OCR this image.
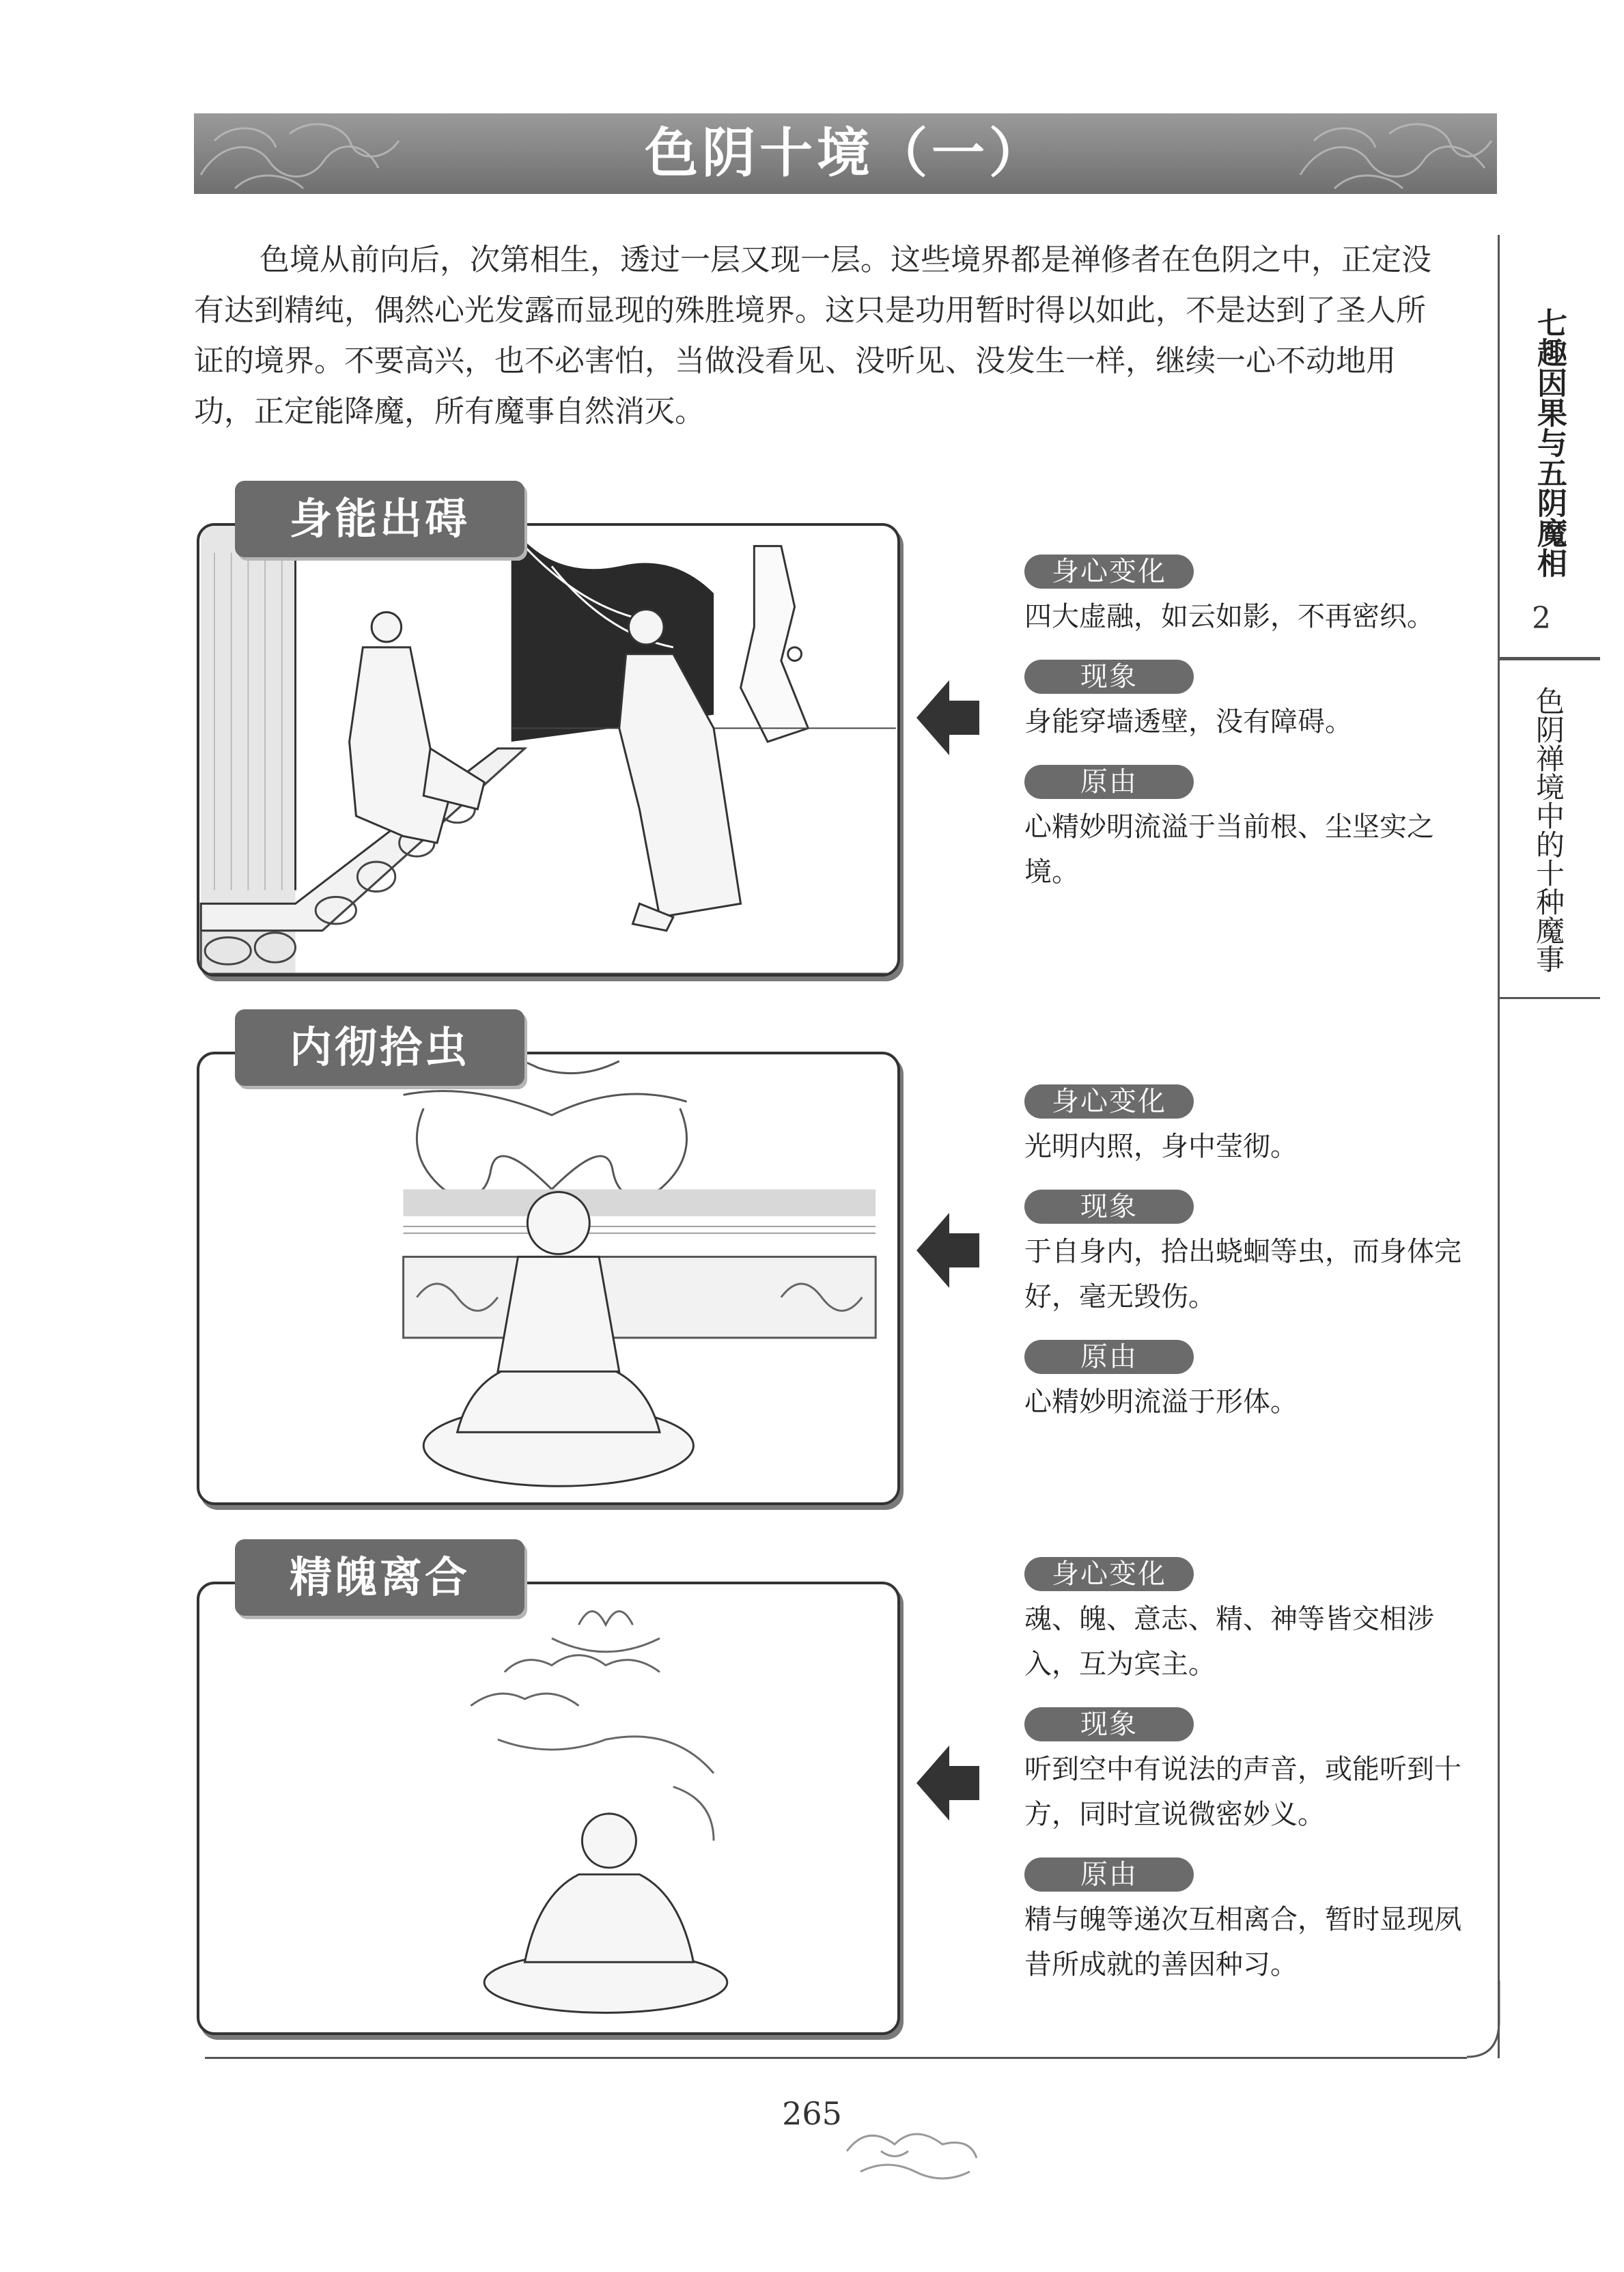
色阴十境（一）

色境从前向后，次第相生，透过一层又现一层。这些境界都是禅修者在色阴之中，正定没有达到精纯，偶然心光发露而显现的殊胜境界。这只是功用暂时得以如此，不是达到了圣人所证的境界。不要高兴，也不必害怕，当做没看见、没听见、没发生一样，继续一心不动地用功，正定能降魔，所有魔事自然消灭。	七趣因果与五阴魔相
2
色阴禅境中的十种魔事
身能出碍
身心变化

四大虚融，如云如影，不再密织。

现象

身能穿墙透壁，没有障碍。

原由

心精妙明流溢于当前根、尘坚实之境。

内彻拾虫
身心变化

光明内照，身中莹彻。

现象

于自身内，拾出蛲蛔等虫，而身体完好，毫无毁伤。

原由

心精妙明流溢于形体。

精魄离合	身心变化

魂、魄、意志、精、神等皆交相涉入，互为宾主。

现象

听到空中有说法的声音，或能听到十方，同时宣说微密妙义。

原由

精与魄等递次互相离合，暂时显现夙昔所成就的善因种习。

265
